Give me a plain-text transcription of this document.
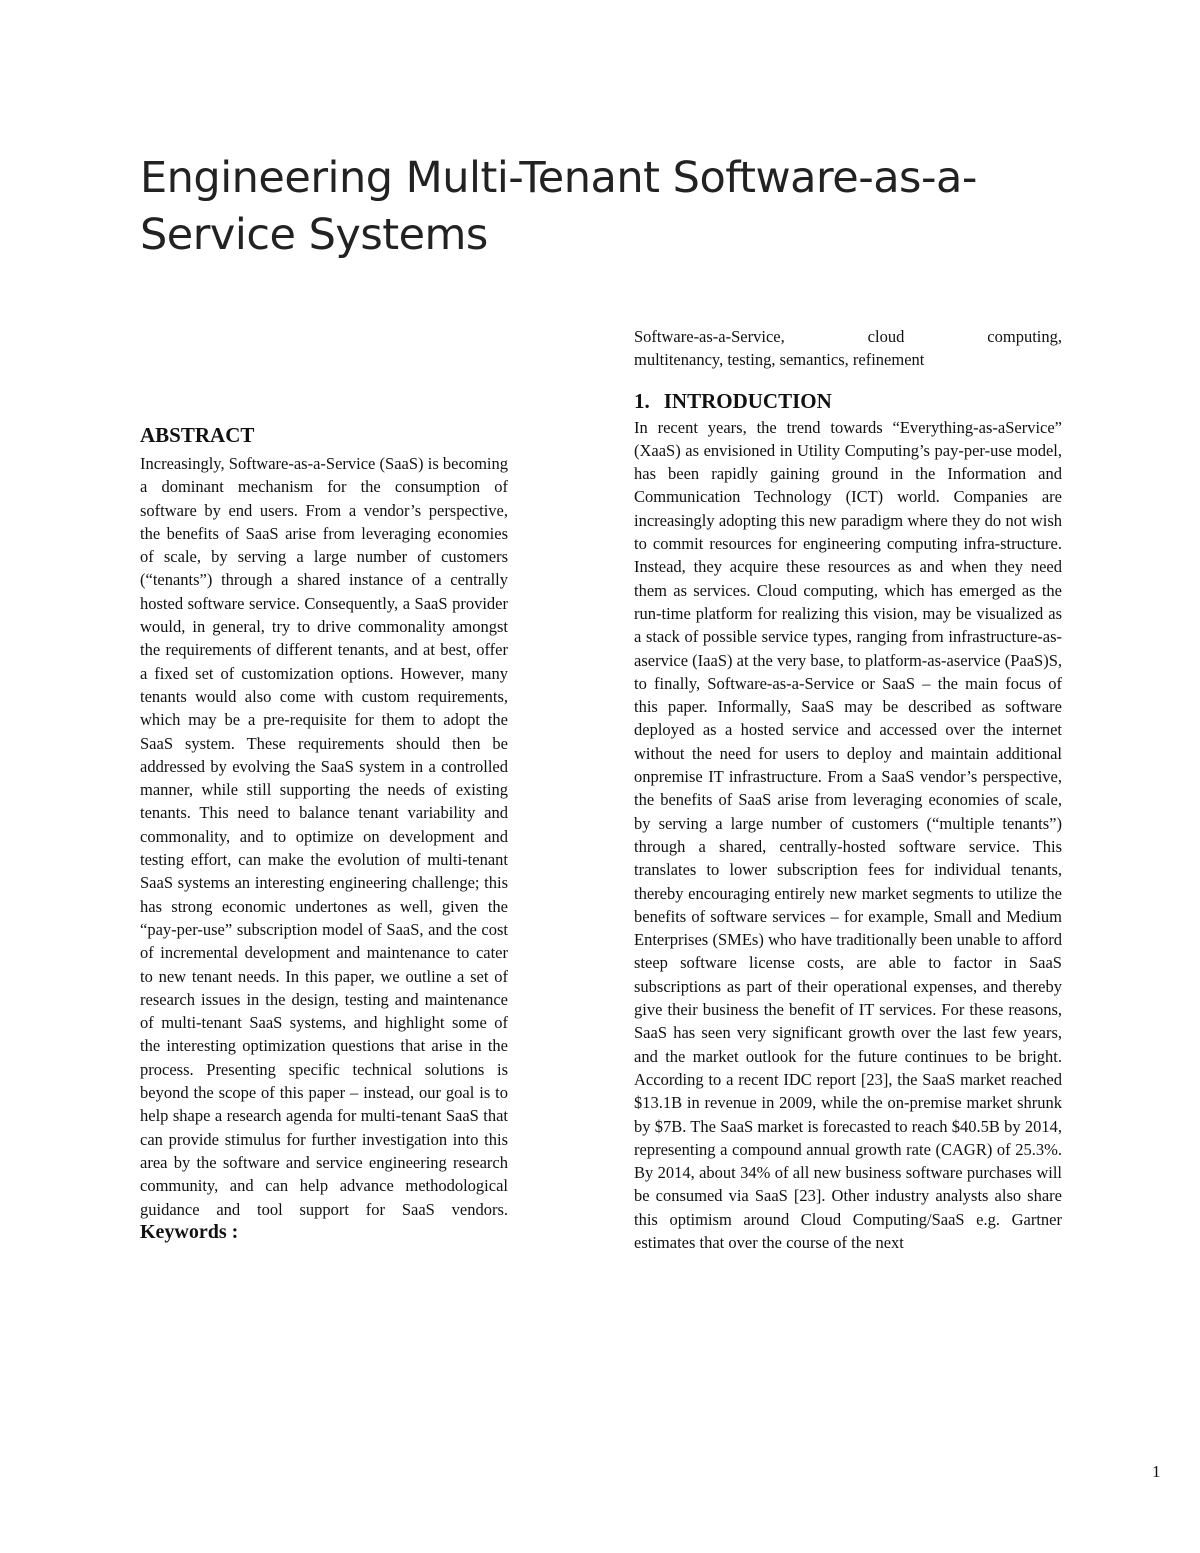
Engineering Multi-Tenant Software-as-a-Service Systems
ABSTRACT

Increasingly, Software-as-a-Service (SaaS) is becoming a dominant mechanism for the consumption of software by end users. From a vendor’s perspective, the benefits of SaaS arise from leveraging economies of scale, by serving a large number of customers (“tenants”) through a shared instance of a centrally hosted software service. Consequently, a SaaS provider would, in general, try to drive commonality amongst the requirements of different tenants, and at best, offer a fixed set of customization options. However, many tenants would also come with custom requirements, which may be a pre-requisite for them to adopt the SaaS system. These requirements should then be addressed by evolving the SaaS system in a controlled manner, while still supporting the needs of existing tenants. This need to balance tenant variability and commonality, and to optimize on development and testing effort, can make the evolution of multi-tenant SaaS systems an interesting engineering challenge; this has strong economic undertones as well, given the “pay-per-use” subscription model of SaaS, and the cost of incremental development and maintenance to cater to new tenant needs. In this paper, we outline a set of research issues in the design, testing and maintenance of multi-tenant SaaS systems, and highlight some of the interesting optimization questions that arise in the process. Presenting specific technical solutions is beyond the scope of this paper – instead, our goal is to help shape a research agenda for multi-tenant SaaS that can provide stimulus for further investigation into this area by the software and service engineering research community, and can help advance methodological guidance and tool support for SaaS vendors. Keywords :

Software-as-a-Service,	cloud	computing,
multitenancy, testing, semantics, refinement
1. INTRODUCTION

In recent years, the trend towards “Everything-as-aService” (XaaS) as envisioned in Utility Computing’s pay-per-use model, has been rapidly gaining ground in the Information and Communication Technology (ICT) world. Companies are increasingly adopting this new paradigm where they do not wish to commit resources for engineering computing infra-structure. Instead, they acquire these resources as and when they need them as services. Cloud computing, which has emerged as the run-time platform for realizing this vision, may be visualized as a stack of possible service types, ranging from infrastructure-as-aservice (IaaS) at the very base, to platform-as-aservice (PaaS)S, to finally, Software-as-a-Service or SaaS – the main focus of this paper. Informally, SaaS may be described as software deployed as a hosted service and accessed over the internet without the need for users to deploy and maintain additional onpremise IT infrastructure. From a SaaS vendor’s perspective, the benefits of SaaS arise from leveraging economies of scale, by serving a large number of customers (“multiple tenants”) through a shared, centrally-hosted software service. This translates to lower subscription fees for individual tenants, thereby encouraging entirely new market segments to utilize the benefits of software services – for example, Small and Medium Enterprises (SMEs) who have traditionally been unable to afford steep software license costs, are able to factor in SaaS subscriptions as part of their operational expenses, and thereby give their business the benefit of IT services. For these reasons, SaaS has seen very significant growth over the last few years, and the market outlook for the future continues to be bright. According to a recent IDC report [23], the SaaS market reached $13.1B in revenue in 2009, while the on-premise market shrunk by $7B. The SaaS market is forecasted to reach $40.5B by 2014, representing a compound annual growth rate (CAGR) of 25.3%. By 2014, about 34% of all new business software purchases will be consumed via SaaS [23]. Other industry analysts also share this optimism around Cloud Computing/SaaS e.g. Gartner estimates that over the course of the next

1
